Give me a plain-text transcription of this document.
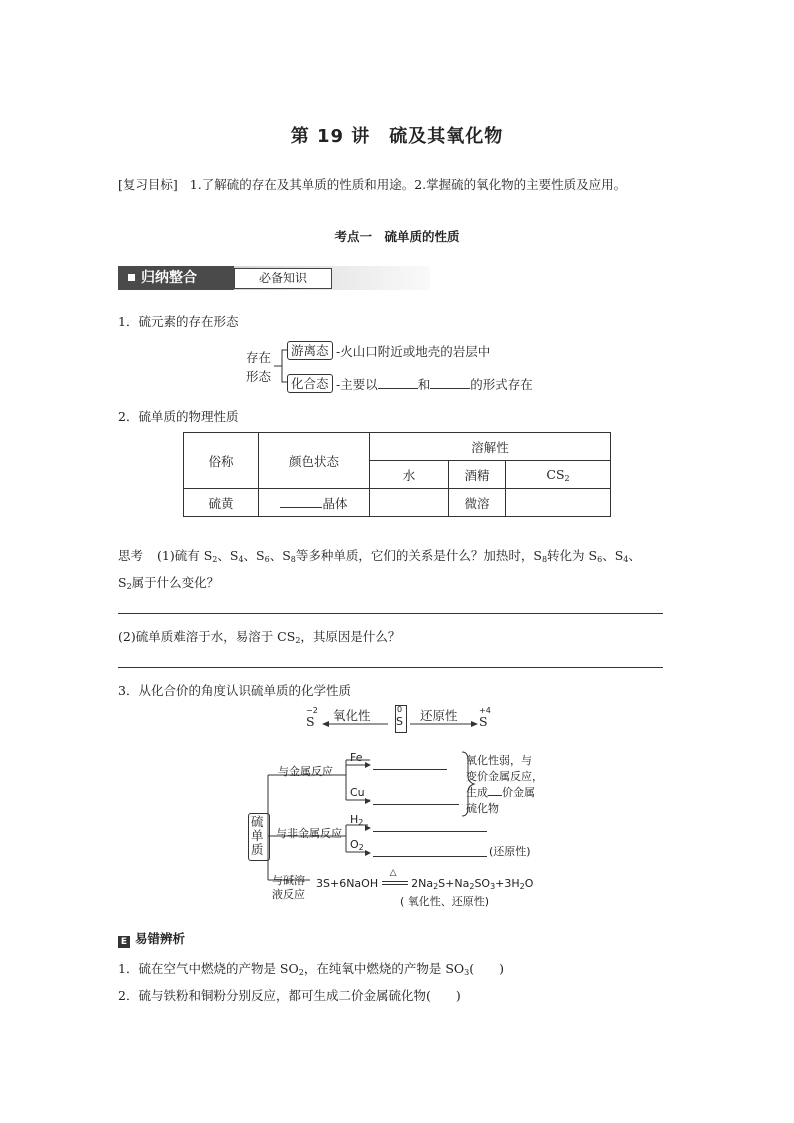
第 19 讲　硫及其氧化物
[复习目标] 1.了解硫的存在及其单质的性质和用途。2.掌握硫的氧化物的主要性质及应用。
考点一　硫单质的性质
归纳整合	必备知识
1．硫元素的存在形态
存在
形态
游离态 -火山口附近或地壳的岩层中
化合态 -主要以	和	的形式存在
2．硫单质的物理性质
俗称	颜色状态	溶解性		
		水	酒精	$CS_2$
硫黄	晶体		微溶	
思考 (1)硫有 $S_2$、$S_4$、$S_6$、$S_8$等多种单质，它们的关系是什么？加热时，$S_8$转化为 $S_6$、$S_4$、
$S_2$属于什么变化？
(2)硫单质难溶于水，易溶于 $CS_2$，其原因是什么？
3．从化合价的角度认识硫单质的化学性质
−2
S 氧化性	0
S 还原性	+4
S
硫
单
质
与金属反应
Fe
Cu
氧化性弱，与
变价金属反应，
生成 价金属
硫化物
与非金属反应
$H_2$
$O_2$	(还原性)
与碱溶
液反应
3S+6NaOH
△
$2Na_2S+Na_2SO_3+3H_2O$
( 氧化性、还原性)
E 易错辨析
1．硫在空气中燃烧的产物是 $SO_2$，在纯氧中燃烧的产物是 $SO_3$(　　)
2．硫与铁粉和铜粉分别反应，都可生成二价金属硫化物(　　)
